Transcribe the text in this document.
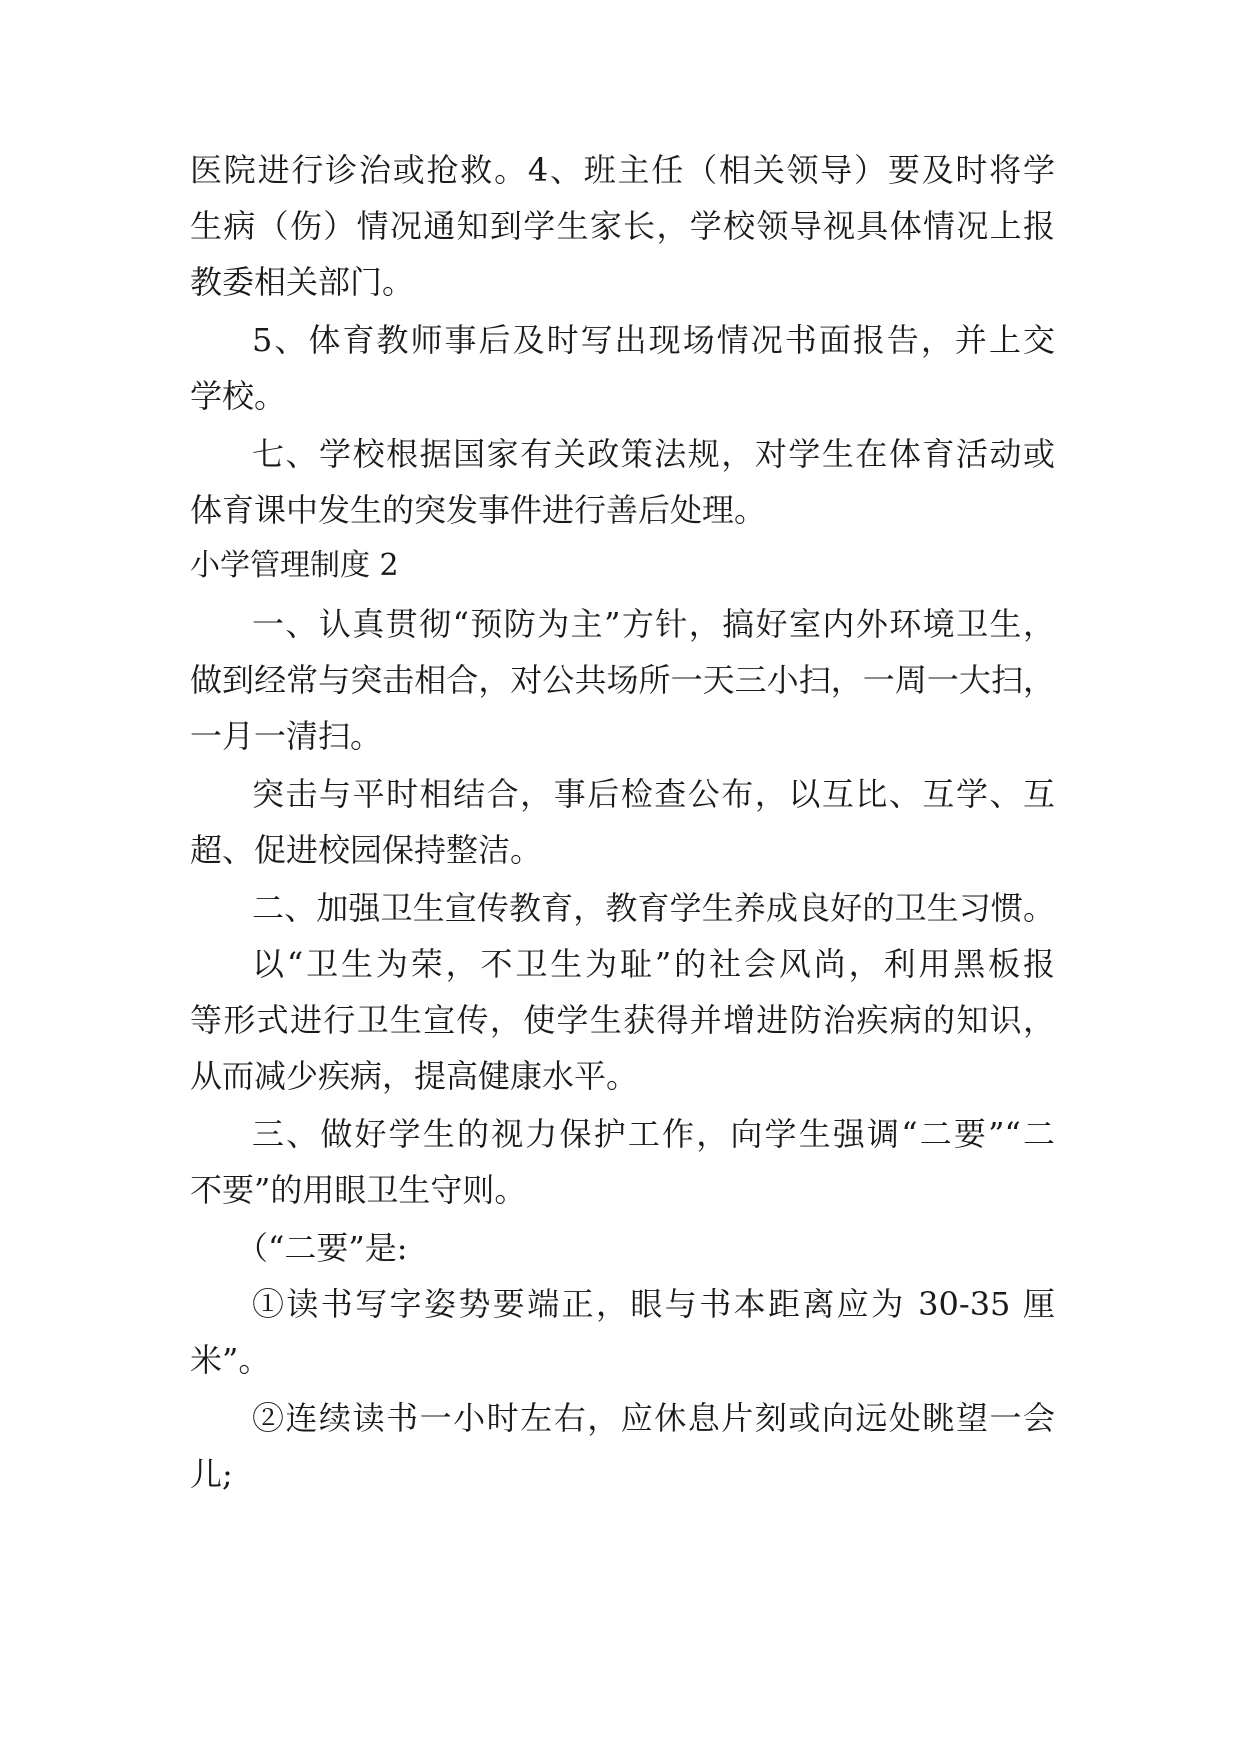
医院进行诊治或抢救。4、班主任（相关领导）要及时将学
生病（伤）情况通知到学生家长，学校领导视具体情况上报
教委相关部门。
5、体育教师事后及时写出现场情况书面报告，并上交
学校。
七、学校根据国家有关政策法规，对学生在体育活动或
体育课中发生的突发事件进行善后处理。
小学管理制度 2
一、认真贯彻“预防为主”方针，搞好室内外环境卫生，
做到经常与突击相合，对公共场所一天三小扫，一周一大扫，
一月一清扫。
突击与平时相结合，事后检查公布，以互比、互学、互
超、促进校园保持整洁。
二、加强卫生宣传教育，教育学生养成良好的卫生习惯。
以“卫生为荣，不卫生为耻”的社会风尚，利用黑板报
等形式进行卫生宣传，使学生获得并增进防治疾病的知识，
从而减少疾病，提高健康水平。
三、做好学生的视力保护工作，向学生强调“二要”“二
不要”的用眼卫生守则。
（“二要”是:
①读书写字姿势要端正，眼与书本距离应为 30-35 厘
米”。
②连续读书一小时左右，应休息片刻或向远处眺望一会
儿;
